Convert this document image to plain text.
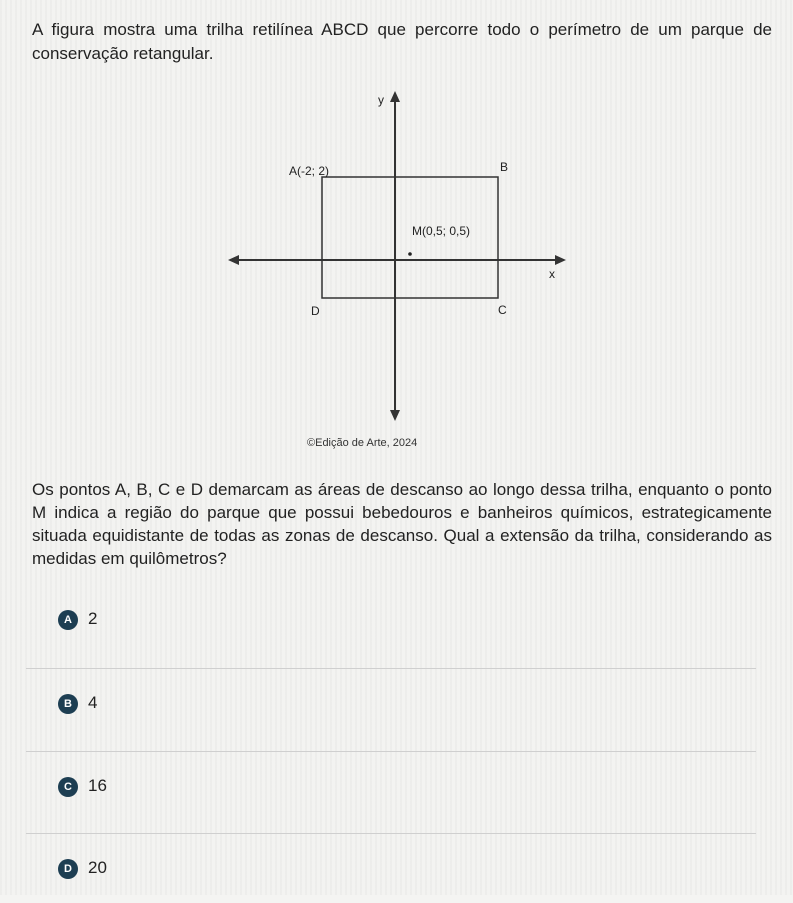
A figura mostra uma trilha retilínea ABCD que percorre todo o perímetro de um parque de conservação retangular.

y
x
A(-2; 2)	B
C
D
M(0,5; 0,5)
©Edição de Arte, 2024

Os pontos A, B, C e D demarcam as áreas de descanso ao longo dessa trilha, enquanto o ponto M indica a região do parque que possui bebedouros e banheiros químicos, estrategicamente situada equidistante de todas as zonas de descanso. Qual a extensão da trilha, considerando as medidas em quilômetros?

A 2
B 4
C 16
D 20
